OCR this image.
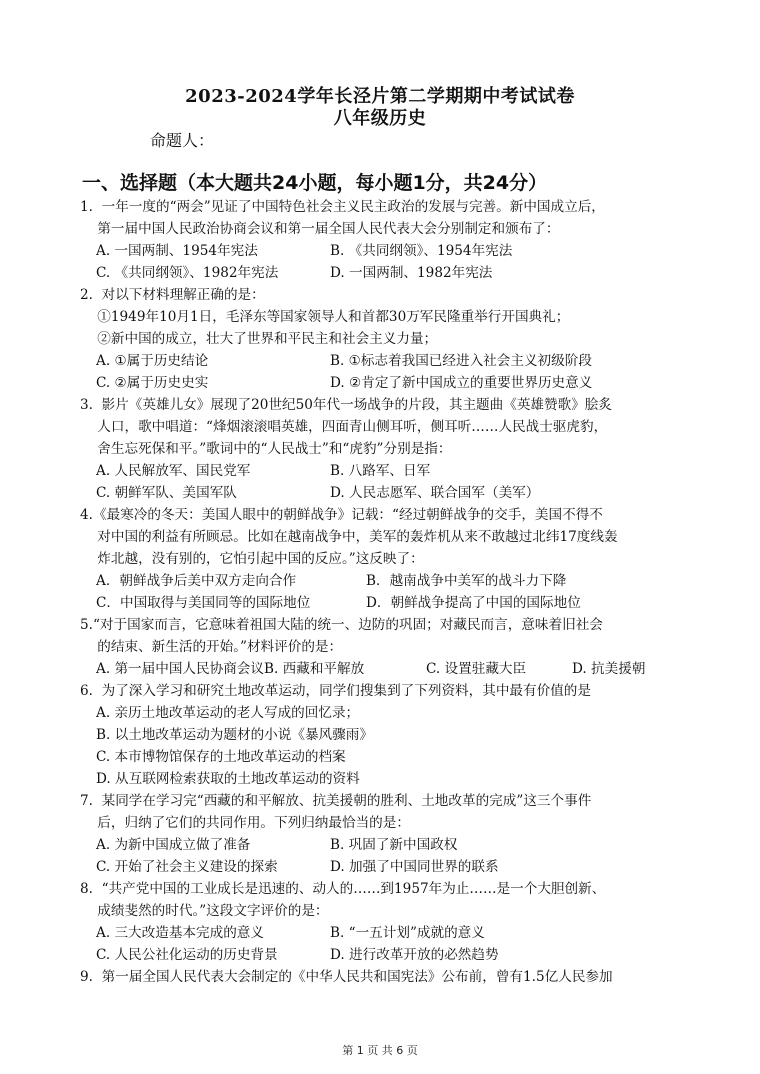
2023-2024学年长泾片第二学期期中考试试卷
八年级历史
命题人：
一、选择题（本大题共24小题，每小题1分，共24分）
1.  一年一度的“两会”见证了中国特色社会主义民主政治的发展与完善。新中国成立后，
第一届中国人民政治协商会议和第一届全国人民代表大会分别制定和颁布了：
A. 一国两制、1954年宪法	B. 《共同纲领》、1954年宪法
C. 《共同纲领》、1982年宪法	D. 一国两制、1982年宪法
2.  对以下材料理解正确的是：
①1949年10月1日，毛泽东等国家领导人和首都30万军民隆重举行开国典礼；
②新中国的成立，壮大了世界和平民主和社会主义力量；
A. ①属于历史结论	B. ①标志着我国已经进入社会主义初级阶段
C. ②属于历史史实	D. ②肯定了新中国成立的重要世界历史意义
3.  影片《英雄儿女》展现了20世纪50年代一场战争的片段，其主题曲《英雄赞歌》脍炙
人口，歌中唱道：“烽烟滚滚唱英雄，四面青山侧耳听，侧耳听……人民战士驱虎豹，
舍生忘死保和平。”歌词中的“人民战士”和“虎豹”分别是指：
A. 人民解放军、国民党军	B. 八路军、日军
C. 朝鲜军队、美国军队	D. 人民志愿军、联合国军（美军）
4.《最寒冷的冬天：美国人眼中的朝鲜战争》记载：“经过朝鲜战争的交手，美国不得不
对中国的利益有所顾忌。比如在越南战争中，美军的轰炸机从来不敢越过北纬17度线轰
炸北越，没有别的，它怕引起中国的反应。”这反映了：
A．朝鲜战争后美中双方走向合作	B．越南战争中美军的战斗力下降
C．中国取得与美国同等的国际地位	D．朝鲜战争提高了中国的国际地位
5.“对于国家而言，它意味着祖国大陆的统一、边防的巩固；对藏民而言，意味着旧社会
的结束、新生活的开始。”材料评价的是：
A. 第一届中国人民协商会议 B. 西藏和平解放	C. 设置驻藏大臣	D. 抗美援朝
6.  为了深入学习和研究土地改革运动，同学们搜集到了下列资料，其中最有价值的是
A. 亲历土地改革运动的老人写成的回忆录；
B. 以土地改革运动为题材的小说《暴风骤雨》
C. 本市博物馆保存的土地改革运动的档案
D. 从互联网检索获取的土地改革运动的资料
7.  某同学在学习完“西藏的和平解放、抗美援朝的胜利、土地改革的完成”这三个事件
后，归纳了它们的共同作用。下列归纳最恰当的是：
A. 为新中国成立做了准备	B. 巩固了新中国政权
C. 开始了社会主义建设的探索	D. 加强了中国同世界的联系
8.  “共产党中国的工业成长是迅速的、动人的……到1957年为止……是一个大胆创新、
成绩斐然的时代。”这段文字评价的是：
A. 三大改造基本完成的意义	B. “一五计划”成就的意义
C. 人民公社化运动的历史背景	D. 进行改革开放的必然趋势
9.  第一届全国人民代表大会制定的《中华人民共和国宪法》公布前，曾有1.5亿人民参加
第 1 页 共 6 页
